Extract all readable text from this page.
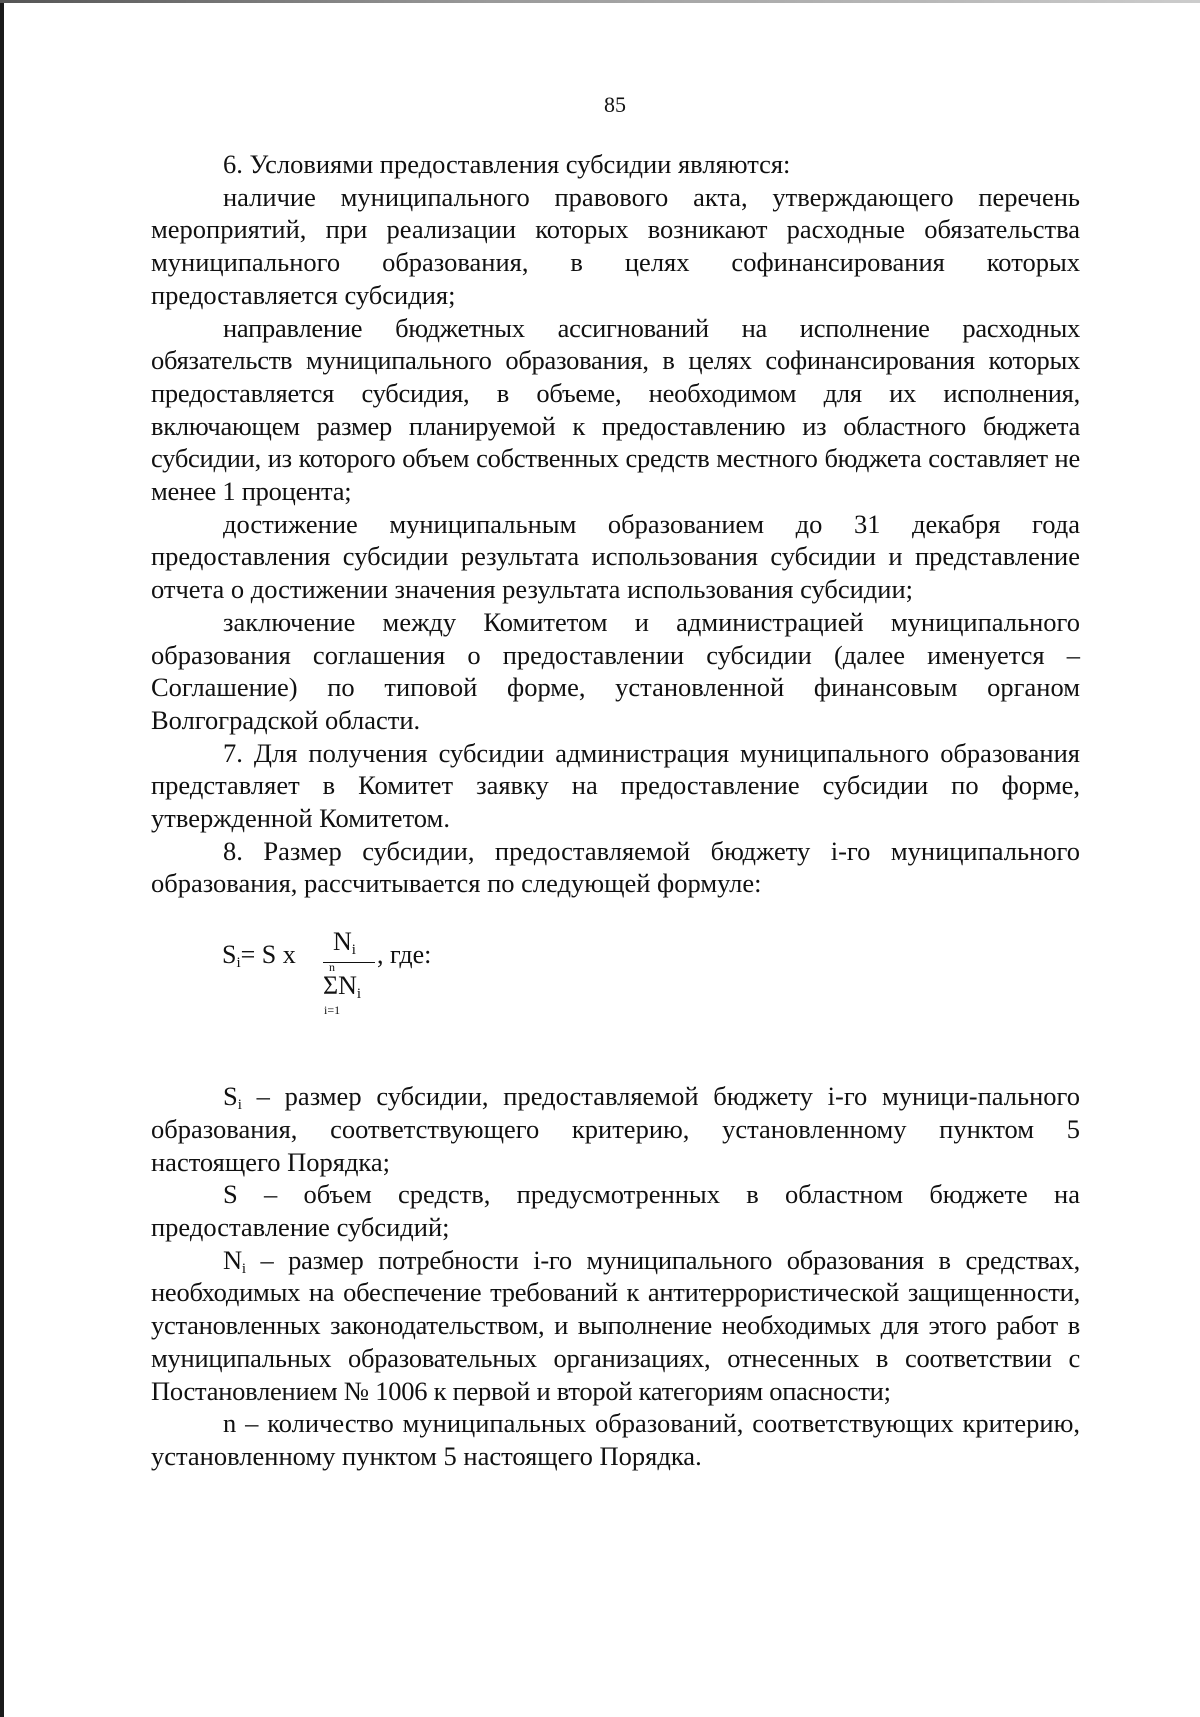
85

6. Условиями предоставления субсидии являются:

наличие муниципального правового акта, утверждающего перечень мероприятий, при реализации которых возникают расходные обязательства муниципального образования, в целях софинансирования которых предоставляется субсидия;

направление бюджетных ассигнований на исполнение расходных обязательств муниципального образования, в целях софинансирования которых предоставляется субсидия, в объеме, необходимом для их исполнения, включающем размер планируемой к предоставлению из областного бюджета субсидии, из которого объем собственных средств местного бюджета составляет не менее 1 процента;

достижение муниципальным образованием до 31 декабря года предоставления субсидии результата использования субсидии и представление отчета о достижении значения результата использования субсидии;

заключение между Комитетом и администрацией муниципального образования соглашения о предоставлении субсидии (далее именуется – Соглашение) по типовой форме, установленной финансовым органом Волгоградской области.

7. Для получения субсидии администрация муниципального образования представляет в Комитет заявку на предоставление субсидии по форме, утвержденной Комитетом.

8. Размер субсидии, предоставляемой бюджету i-го муниципального образования, рассчитывается по следующей формуле:

$S_i= S$ x $N_i$
n
$\Sigma N_i$
i=1
, где:

$S_i$ – размер субсидии, предоставляемой бюджету i-го муници-пального образования, соответствующего критерию, установленному пунктом 5 настоящего Порядка;

S – объем средств, предусмотренных в областном бюджете на предоставление субсидий;

$N_i$ – размер потребности i-го муниципального образования в средствах, необходимых на обеспечение требований к антитеррористической защищенности, установленных законодательством, и выполнение необходимых для этого работ в муниципальных образовательных организациях, отнесенных в соответствии с Постановлением № 1006 к первой и второй категориям опасности;

n – количество муниципальных образований, соответствующих критерию, установленному пунктом 5 настоящего Порядка.
